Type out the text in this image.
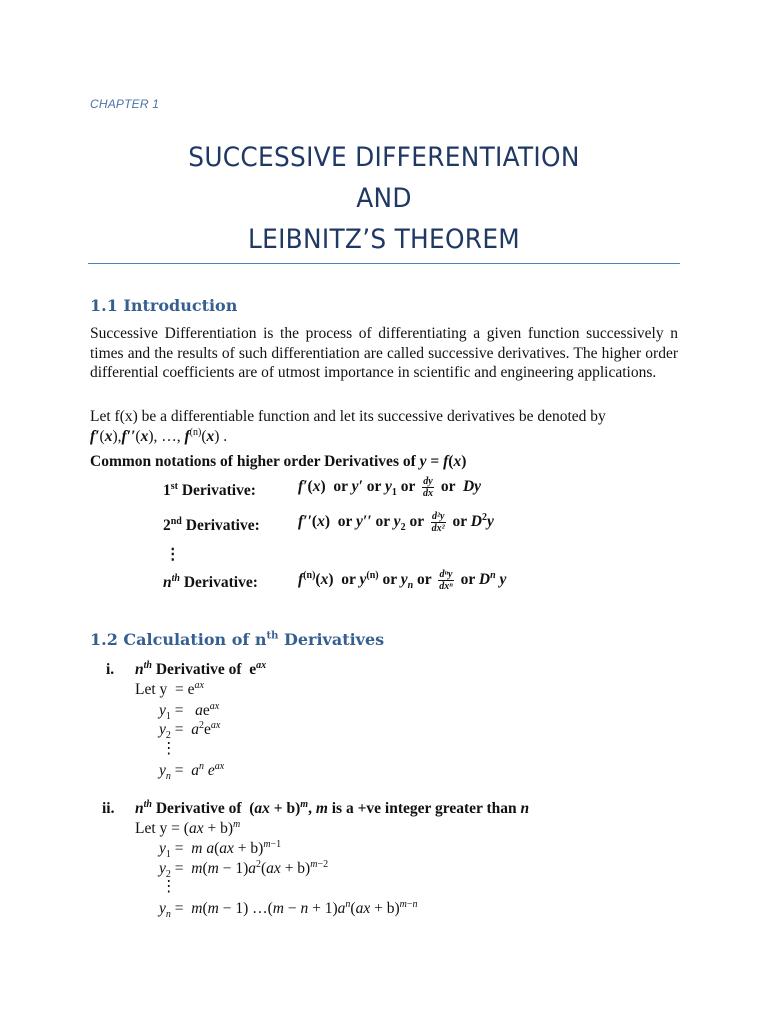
CHAPTER 1
SUCCESSIVE DIFFERENTIATION
AND
LEIBNITZ’S THEOREM
1.1 Introduction
Successive Differentiation is the process of differentiating a given function successively n times and the results of such differentiation are called successive derivatives. The higher order differential coefficients are of utmost importance in scientific and engineering applications.
Let f(x) be a differentiable function and let its successive derivatives be denoted by
f′(x),f′′(x), …, $f^{(n)}(x)$ .
Common notations of higher order Derivatives of y = f(x)
1st Derivative:	f′(x)  or y′ or $y_1$ or $\frac{dy}{dx}$ or  Dy
2nd Derivative: f′′(x)  or y′′ or $y_2$ or $\frac{\text{d²y}}{\text{dx²}}$ or $D^2y$
⋮
$n^{th}$ Derivative:	$f^{(n)}(x)$  or $y^{(n)}$ or $y_n$ or $\frac{\text{dⁿy}}{\text{dxⁿ}}$ or $D^n$ y
1.2 Calculation of $n^{th}$ Derivatives
i. $n^{th}$ Derivative of  $e^{ax}$
Let $y = e^{ax}$
$y_1 = ae^{ax}$
$y_2 = a^2e^{ax}$
⋮
$y_n = a^n$ $e^{ax}$
ii. $n^{th}$ Derivative of  (ax + b)$^m$, m is a +ve integer greater than n
Let y = (ax + b)$^m$
$y_1 = m$ a(ax + b)$^{m-1}$
$y_2 = m(m - 1)a^2(ax + b)^{m-2}$
⋮
$y_n = m(m - 1)$ …(m − $n + 1)a^n(ax + b)^{m-n}$
